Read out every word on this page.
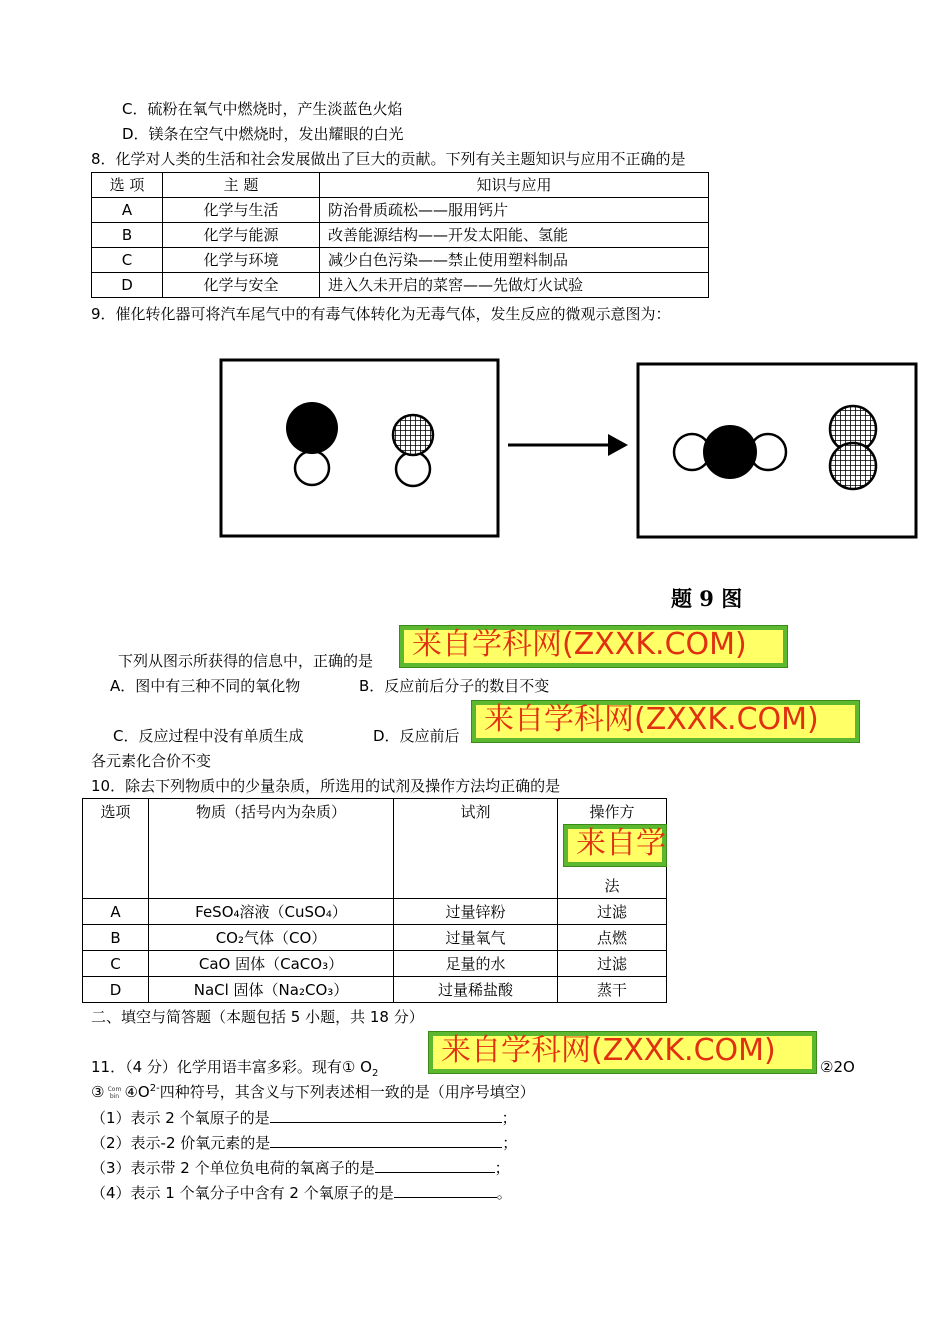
C．硫粉在氧气中燃烧时，产生淡蓝色火焰
D．镁条在空气中燃烧时，发出耀眼的白光
8．化学对人类的生活和社会发展做出了巨大的贡献。下列有关主题知识与应用不正确的是
选 项	主 题	知识与应用
A	化学与生活	防治骨质疏松——服用钙片
B	化学与能源	改善能源结构——开发太阳能、氢能
C	化学与环境	减少白色污染——禁止使用塑料制品
D	化学与安全	进入久未开启的菜窖——先做灯火试验
9．催化转化器可将汽车尾气中的有毒气体转化为无毒气体，发生反应的微观示意图为：
题 9 图
下列从图示所获得的信息中，正确的是 来自学科网(ZXXK.COM)
A．图中有三种不同的氧化物	B．反应前后分子的数目不变
C．反应过程中没有单质生成	D．反应前后 来自学科网(ZXXK.COM)
各元素化合价不变
10．除去下列物质中的少量杂质，所选用的试剂及操作方法均正确的是
选项	物质（括号内为杂质）	试剂	操作方
法

A	FeSO₄溶液（CuSO₄）	过量锌粉	过滤
B	CO₂气体（CO）	过量氧气	点燃
C	CaO 固体（CaCO₃）	足量的水	过滤
D	NaCl 固体（Na₂CO₃）	过量稀盐酸	蒸干
来自学
二、填空与简答题（本题包括 5 小题，共 18 分）
11．（4 分）化学用语丰富多彩。现有① $O_2$
来自学科网(ZXXK.COM)	②2O
③ Com bin $④O^{2-}$四种符号，其含义与下列表述相一致的是（用序号填空）
（1）表示 2 个氧原子的是	；
（2）表示-2 价氧元素的是	；
（3）表示带 2 个单位负电荷的氧离子的是	；
（4）表示 1 个氧分子中含有 2 个氧原子的是	。
